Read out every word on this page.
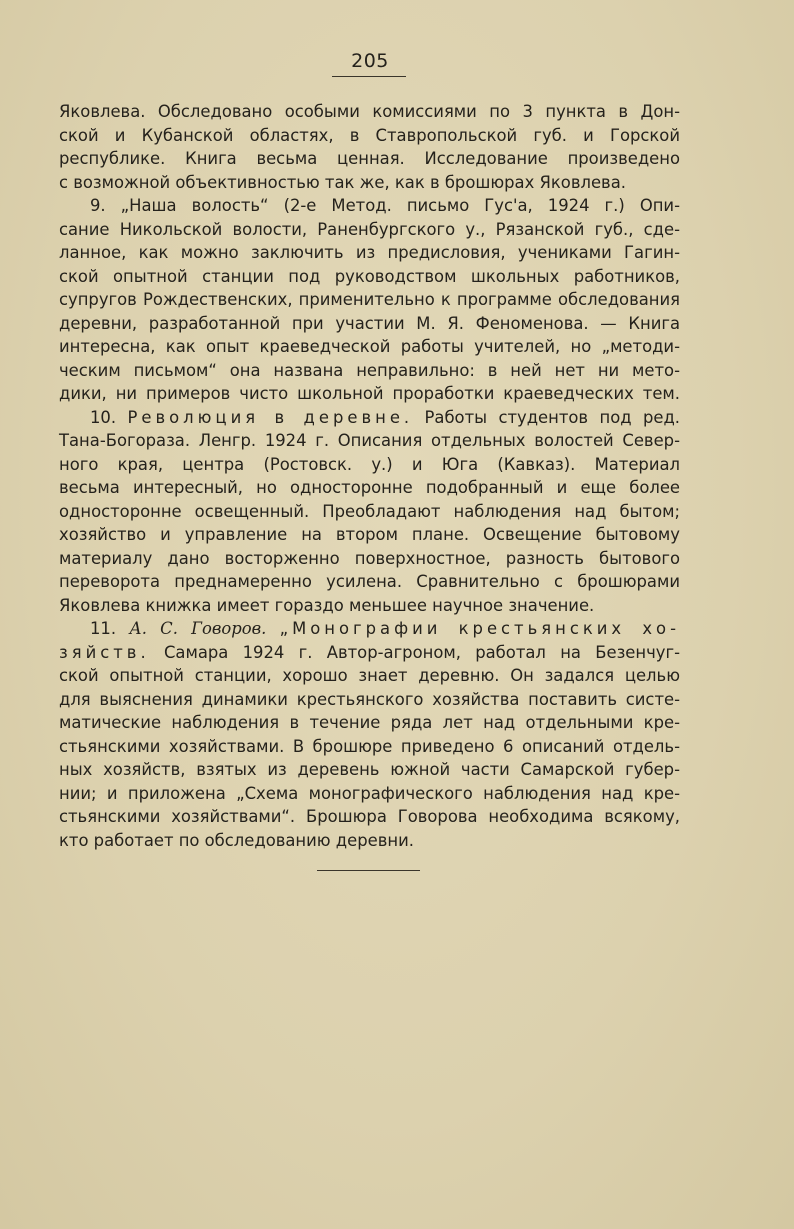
205
Яковлева. Обследовано особыми комиссиями по 3 пункта в Дон-
ской и Кубанской областях, в Ставропольской губ. и Горской
республике. Книга весьма ценная. Исследование произведено
с возможной объективностью так же, как в брошюрах Яковлева.
9. „Наша волость“ (2-е Метод. письмо Гус'а, 1924 г.) Опи-
сание Никольской волости, Раненбургского у., Рязанской губ., сде-
ланное, как можно заключить из предисловия, учениками Гагин-
ской опытной станции под руководством школьных работников,
супругов Рождественских, применительно к программе обследования
деревни, разработанной при участии М. Я. Феноменова. — Книга
интересна, как опыт краеведческой работы учителей, но „методи-
ческим письмом“ она названа неправильно: в ней нет ни мето-
дики, ни примеров чисто школьной проработки краеведческих тем.
10. Революция в деревне. Работы студентов под ред.
Тана-Богораза. Ленгр. 1924 г. Описания отдельных волостей Север-
ного края, центра (Ростовск. у.) и Юга (Кавказ). Материал
весьма интересный, но односторонне подобранный и еще более
односторонне освещенный. Преобладают наблюдения над бытом;
хозяйство и управление на втором плане. Освещение бытовому
материалу дано восторженно поверхностное, разность бытового
переворота преднамеренно усилена. Сравнительно с брошюрами
Яковлева книжка имеет гораздо меньшее научное значение.
11. А. С. Говоров. „Монографии крестьянских хо-
зяйств. Самара 1924 г. Автор-агроном, работал на Безенчуг-
ской опытной станции, хорошо знает деревню. Он задался целью
для выяснения динамики крестьянского хозяйства поставить систе-
матические наблюдения в течение ряда лет над отдельными кре-
стьянскими хозяйствами. В брошюре приведено 6 описаний отдель-
ных хозяйств, взятых из деревень южной части Самарской губер-
нии; и приложена „Схема монографического наблюдения над кре-
стьянскими хозяйствами“. Брошюра Говорова необходима всякому,
кто работает по обследованию деревни.
